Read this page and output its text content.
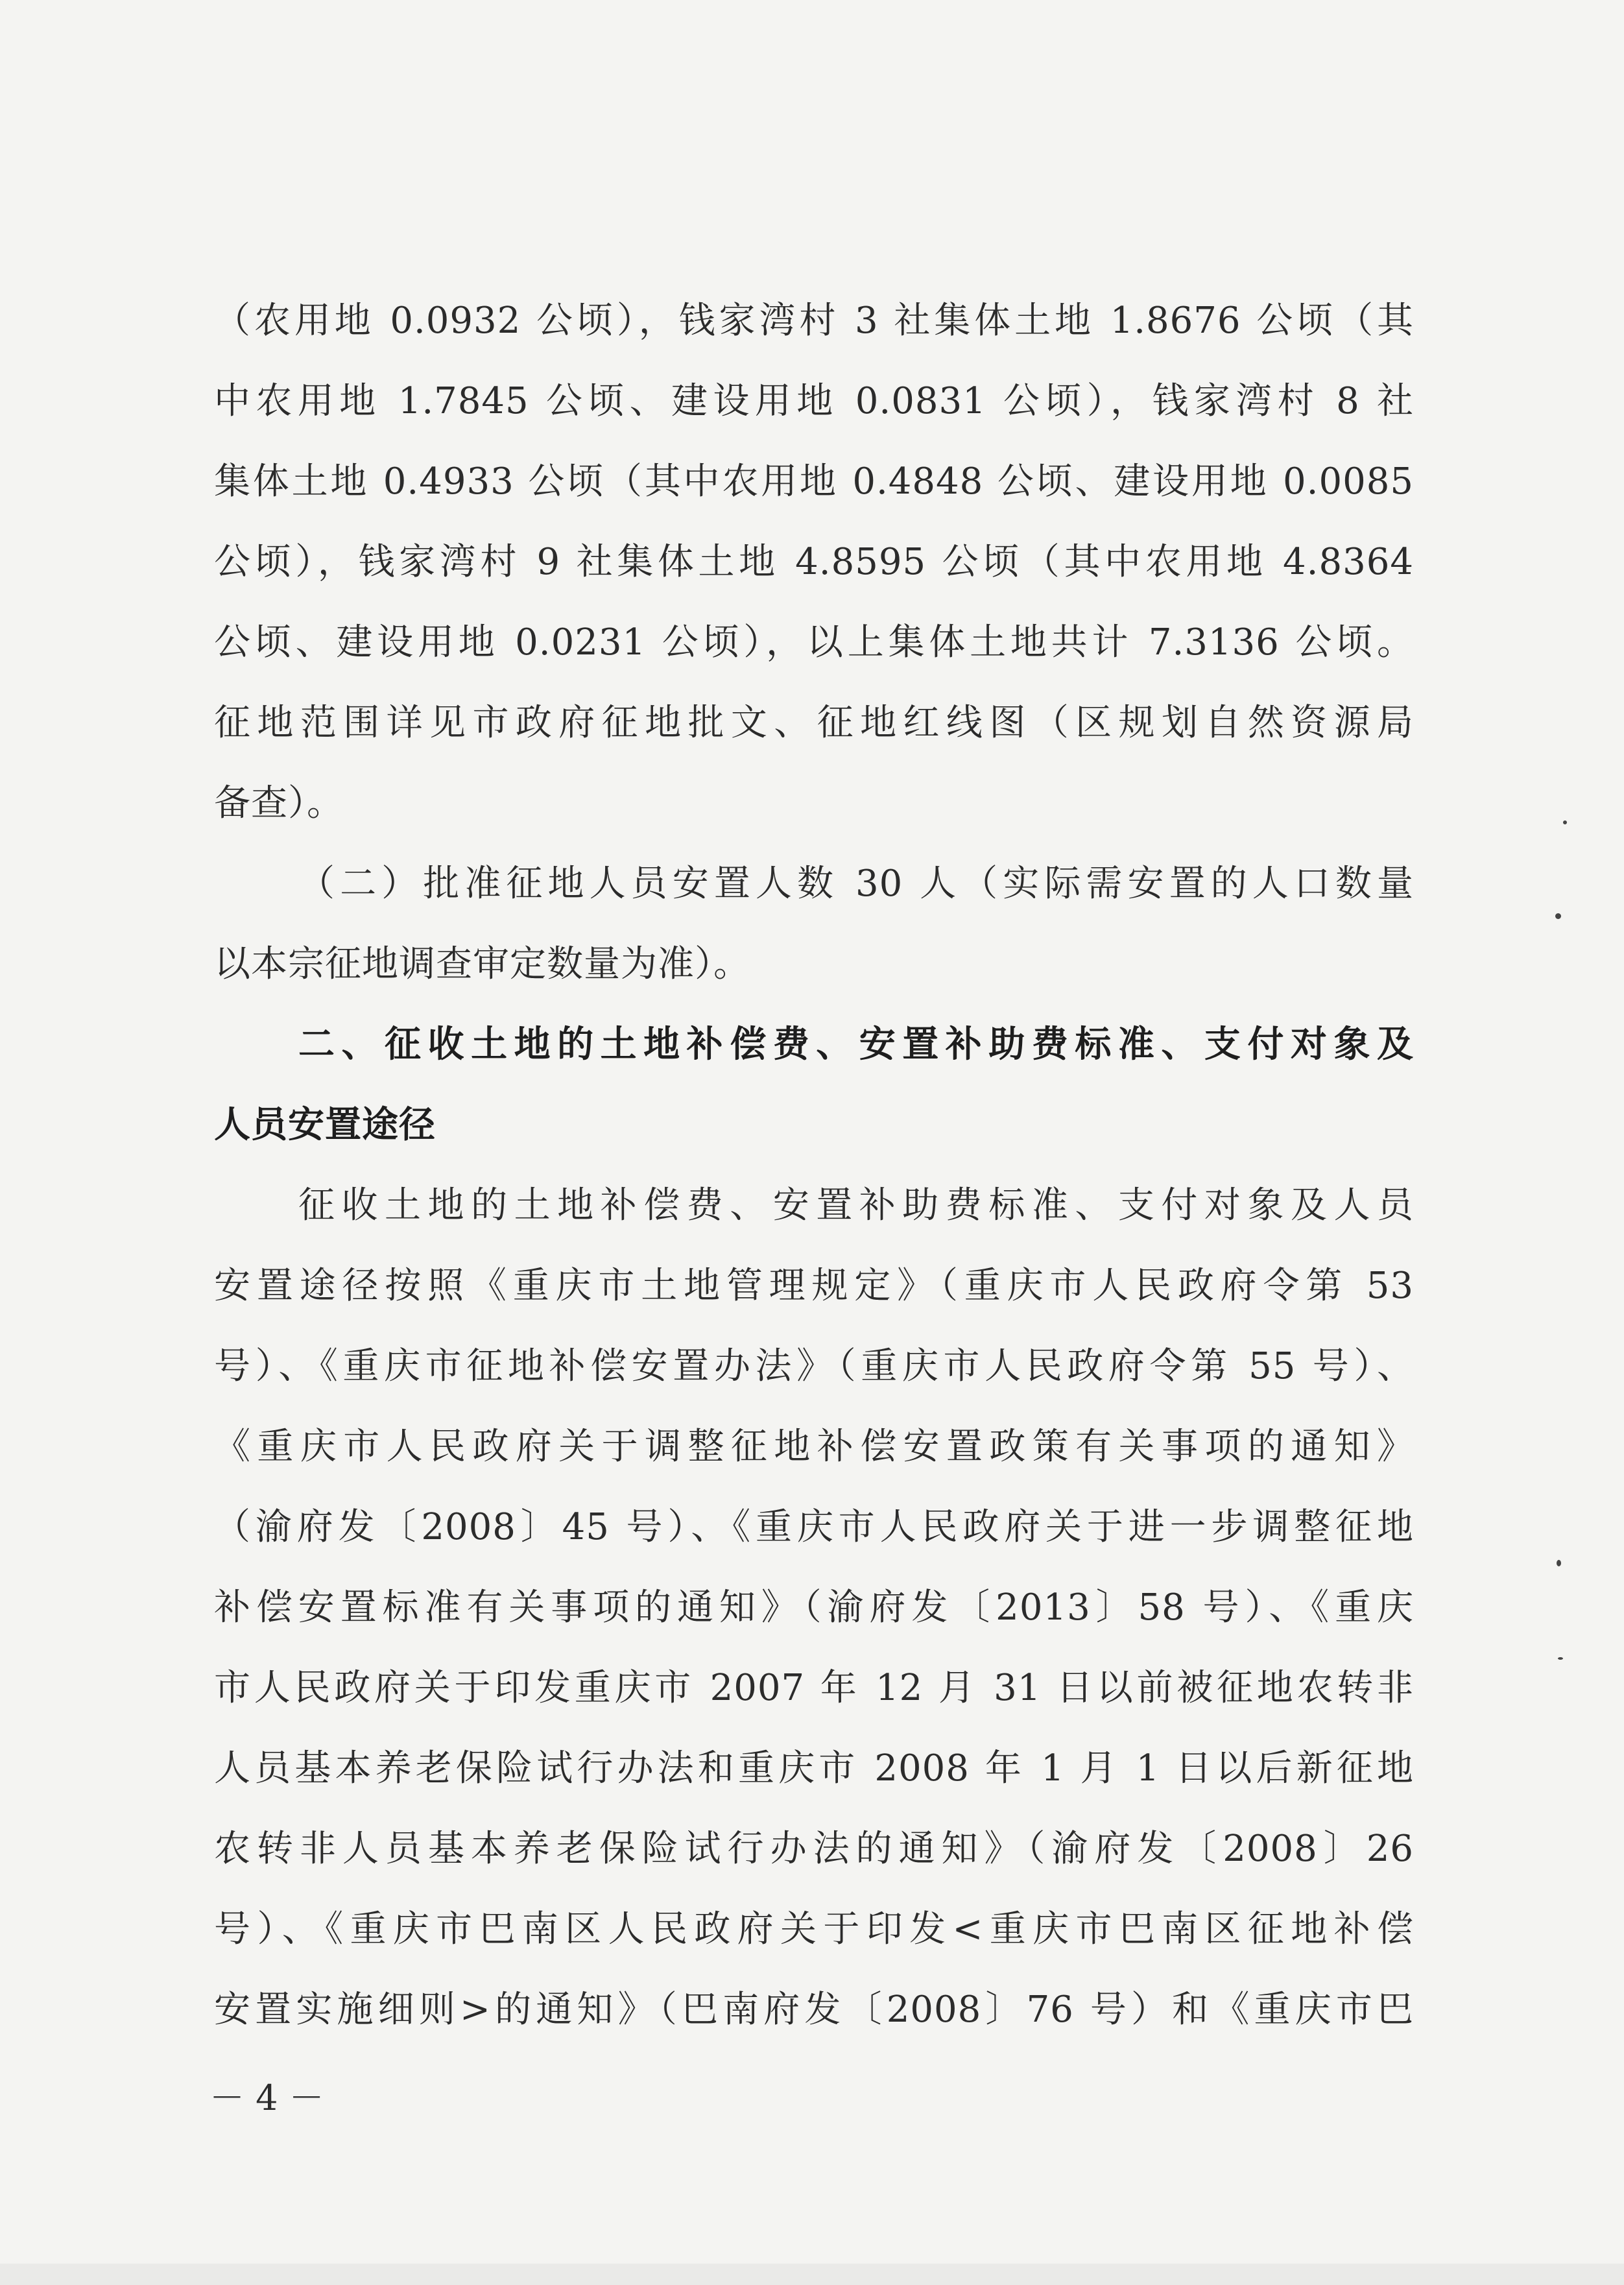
（农用地 0.0932 公顷），钱家湾村 3 社集体土地 1.8676 公顷（其
中农用地 1.7845 公顷、建设用地 0.0831 公顷），钱家湾村 8 社
集体土地 0.4933 公顷（其中农用地 0.4848 公顷、建设用地 0.0085
公顷），钱家湾村 9 社集体土地 4.8595 公顷（其中农用地 4.8364
公顷、建设用地 0.0231 公顷），以上集体土地共计 7.3136 公顷。
征地范围详见市政府征地批文、征地红线图（区规划自然资源局
备查）。
（二）批准征地人员安置人数 30 人（实际需安置的人口数量
以本宗征地调查审定数量为准）。
二、征收土地的土地补偿费、安置补助费标准、支付对象及
人员安置途径
征收土地的土地补偿费、安置补助费标准、支付对象及人员
安置途径按照《重庆市土地管理规定》（重庆市人民政府令第 53
号）、《重庆市征地补偿安置办法》（重庆市人民政府令第 55 号）、
《重庆市人民政府关于调整征地补偿安置政策有关事项的通知》
（渝府发〔2008〕45 号）、《重庆市人民政府关于进一步调整征地
补偿安置标准有关事项的通知》（渝府发〔2013〕58 号）、《重庆
市人民政府关于印发重庆市 2007 年 12 月 31 日以前被征地农转非
人员基本养老保险试行办法和重庆市 2008 年 1 月 1 日以后新征地
农转非人员基本养老保险试行办法的通知》（渝府发〔2008〕26
号）、《重庆市巴南区人民政府关于印发<重庆市巴南区征地补偿
安置实施细则>的通知》（巴南府发〔2008〕76 号）和《重庆市巴
－ 4 －
